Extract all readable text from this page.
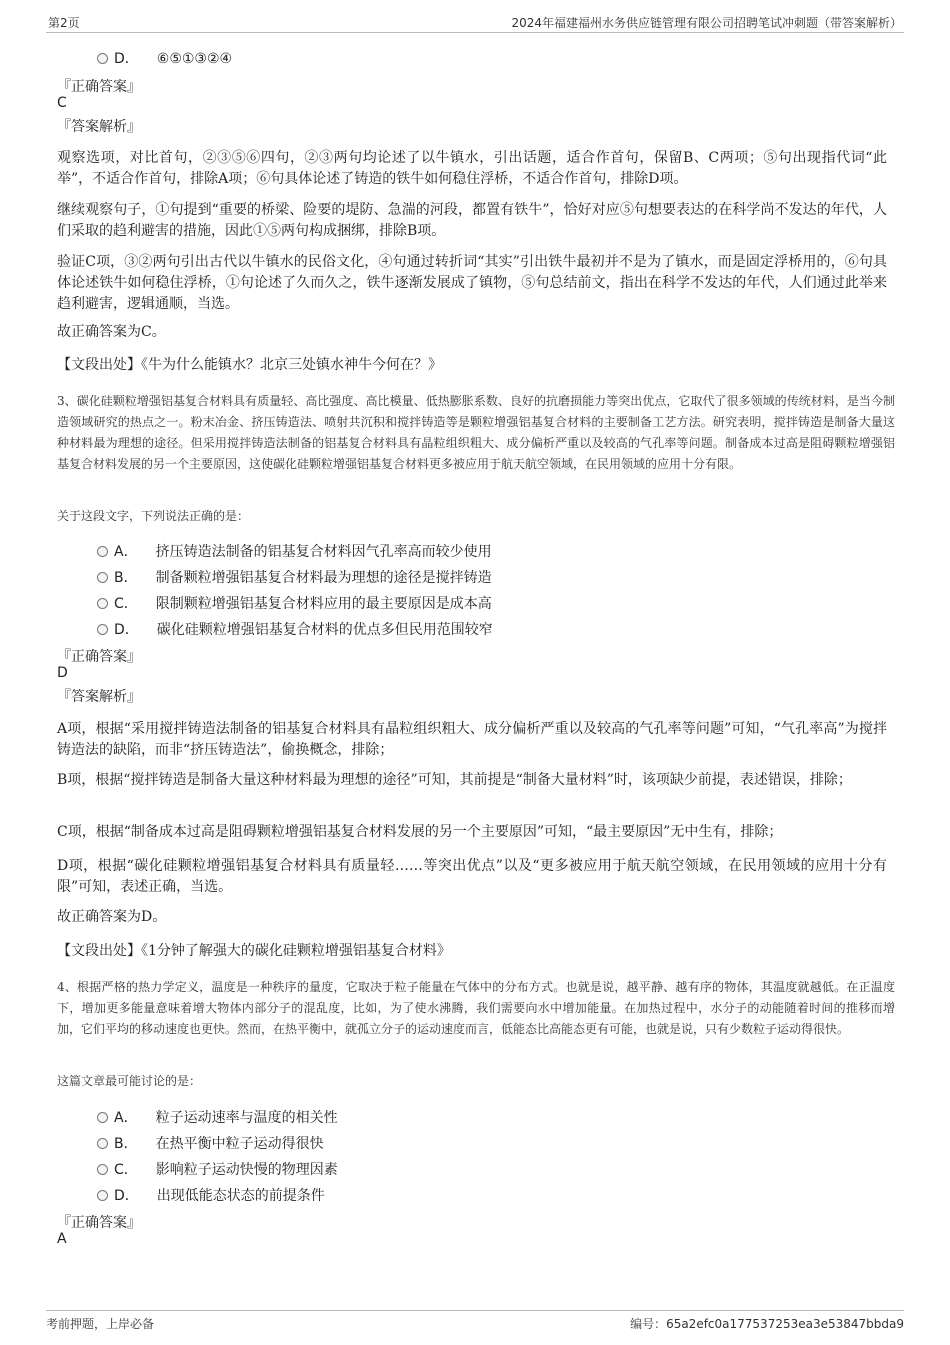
第2页	2024年福建福州水务供应链管理有限公司招聘笔试冲刺题（带答案解析）
D． ⑥⑤①③②④
『正确答案』
C
『答案解析』
观察选项，对比首句，②③⑤⑥四句，②③两句均论述了以牛镇水，引出话题，适合作首句，保留B、C两项；⑤句出现指代词“此举”，不适合作首句，排除A项；⑥句具体论述了铸造的铁牛如何稳住浮桥，不适合作首句，排除D项。
继续观察句子，①句提到“重要的桥梁、险要的堤防、急湍的河段，都置有铁牛”，恰好对应⑤句想要表达的在科学尚不发达的年代，人们采取的趋利避害的措施，因此①⑤两句构成捆绑，排除B项。
验证C项，③②两句引出古代以牛镇水的民俗文化，④句通过转折词“其实”引出铁牛最初并不是为了镇水，而是固定浮桥用的，⑥句具体论述铁牛如何稳住浮桥，①句论述了久而久之，铁牛逐渐发展成了镇物，⑤句总结前文，指出在科学不发达的年代，人们通过此举来趋利避害，逻辑通顺，当选。
故正确答案为C。
【文段出处】《牛为什么能镇水？北京三处镇水神牛今何在？》
3、碳化硅颗粒增强铝基复合材料具有质量轻、高比强度、高比模量、低热膨胀系数、良好的抗磨损能力等突出优点，它取代了很多领域的传统材料，是当今制造领域研究的热点之一。粉末冶金、挤压铸造法、喷射共沉积和搅拌铸造等是颗粒增强铝基复合材料的主要制备工艺方法。研究表明，搅拌铸造是制备大量这种材料最为理想的途径。但采用搅拌铸造法制备的铝基复合材料具有晶粒组织粗大、成分偏析严重以及较高的气孔率等问题。制备成本过高是阻碍颗粒增强铝基复合材料发展的另一个主要原因，这使碳化硅颗粒增强铝基复合材料更多被应用于航天航空领域，在民用领域的应用十分有限。
关于这段文字，下列说法正确的是：
A． 挤压铸造法制备的铝基复合材料因气孔率高而较少使用
B． 制备颗粒增强铝基复合材料最为理想的途径是搅拌铸造
C． 限制颗粒增强铝基复合材料应用的最主要原因是成本高
D． 碳化硅颗粒增强铝基复合材料的优点多但民用范围较窄
『正确答案』
D
『答案解析』
A项，根据“采用搅拌铸造法制备的铝基复合材料具有晶粒组织粗大、成分偏析严重以及较高的气孔率等问题”可知，“气孔率高”为搅拌铸造法的缺陷，而非“挤压铸造法”，偷换概念，排除；
B项，根据“搅拌铸造是制备大量这种材料最为理想的途径”可知，其前提是“制备大量材料”时，该项缺少前提，表述错误，排除；
C项，根据“制备成本过高是阻碍颗粒增强铝基复合材料发展的另一个主要原因”可知，“最主要原因”无中生有，排除；
D项，根据“碳化硅颗粒增强铝基复合材料具有质量轻……等突出优点”以及“更多被应用于航天航空领域，在民用领域的应用十分有限”可知，表述正确，当选。
故正确答案为D。
【文段出处】《1分钟了解强大的碳化硅颗粒增强铝基复合材料》
4、根据严格的热力学定义，温度是一种秩序的量度，它取决于粒子能量在气体中的分布方式。也就是说，越平静、越有序的物体，其温度就越低。在正温度下，增加更多能量意味着增大物体内部分子的混乱度，比如，为了使水沸腾，我们需要向水中增加能量。在加热过程中，水分子的动能随着时间的推移而增加，它们平均的移动速度也更快。然而，在热平衡中，就孤立分子的运动速度而言，低能态比高能态更有可能，也就是说，只有少数粒子运动得很快。
这篇文章最可能讨论的是：
A． 粒子运动速率与温度的相关性
B． 在热平衡中粒子运动得很快
C． 影响粒子运动快慢的物理因素
D． 出现低能态状态的前提条件
『正确答案』
A
考前押题，上岸必备	编号：65a2efc0a177537253ea3e53847bbda9
